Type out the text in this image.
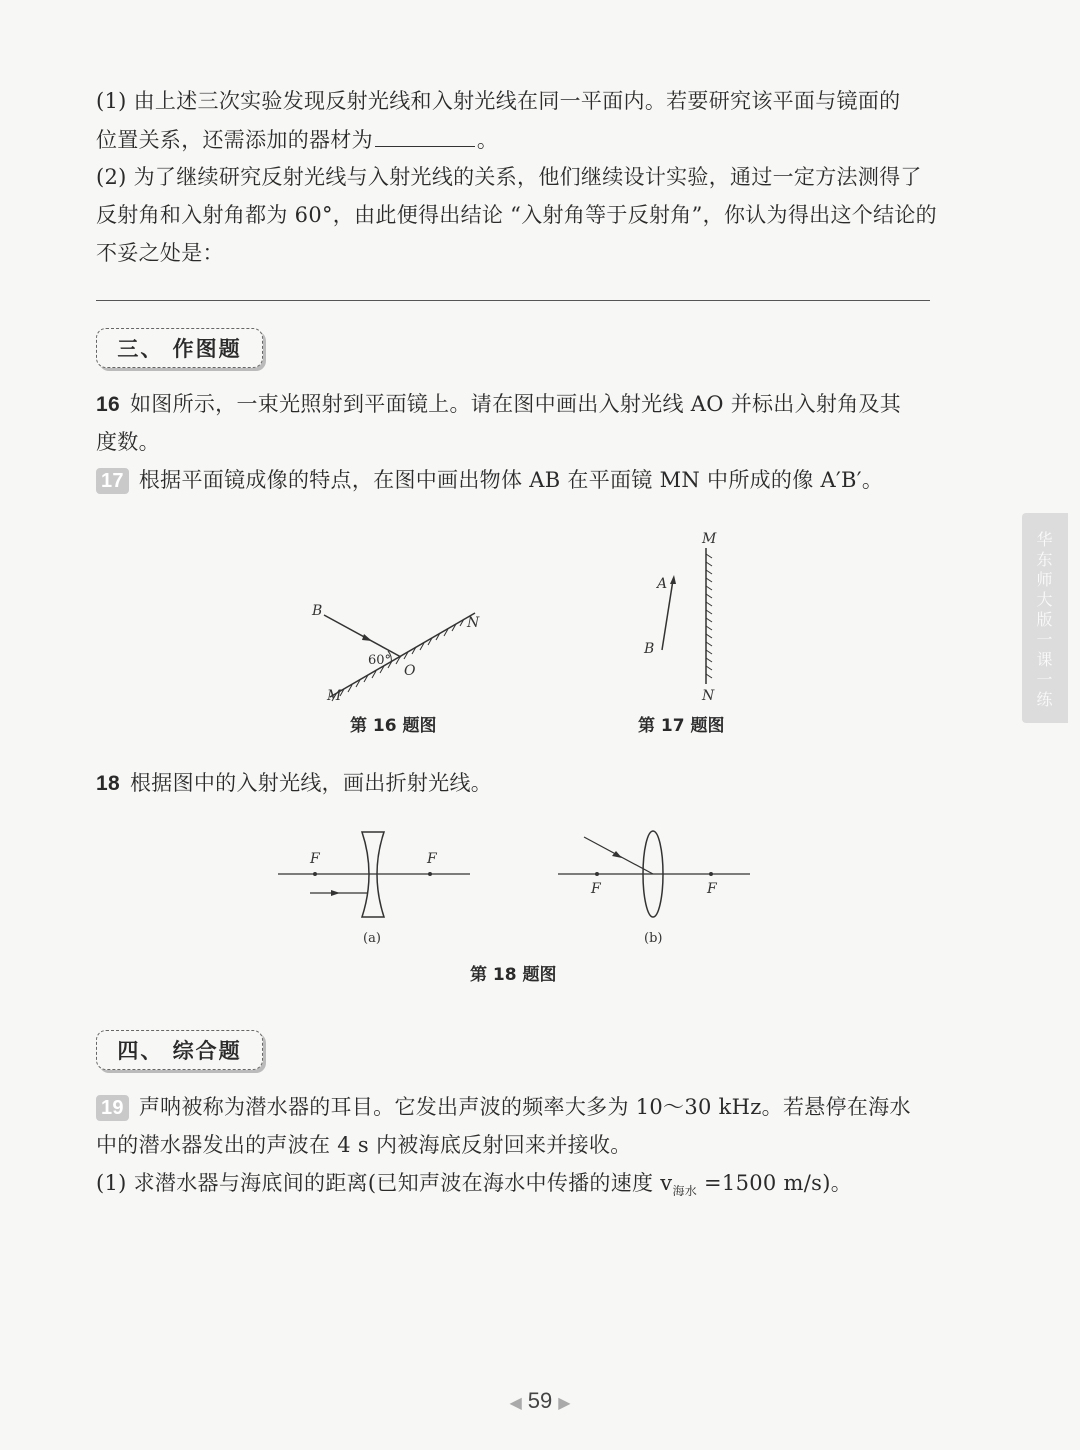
(1) 由上述三次实验发现反射光线和入射光线在同一平面内。若要研究该平面与镜面的
位置关系，还需添加的器材为	。
(2) 为了继续研究反射光线与入射光线的关系，他们继续设计实验，通过一定方法测得了
反射角和入射角都为 60°，由此便得出结论 “入射角等于反射角”，你认为得出这个结论的
不妥之处是：
三、 作图题
16 如图所示，一束光照射到平面镜上。请在图中画出入射光线 AO 并标出入射角及其
度数。
17 根据平面镜成像的特点，在图中画出物体 AB 在平面镜 MN 中所成的像 A′B′。
B
N
M
O
60°
第 16 题图
M
N
A
B
第 17 题图
18 根据图中的入射光线，画出折射光线。
F	F
(a)
F	F
(b)
第 18 题图
四、 综合题
19 声呐被称为潜水器的耳目。它发出声波的频率大多为 10～30 kHz。若悬停在海水
中的潜水器发出的声波在 4 s 内被海底反射回来并接收。
(1) 求潜水器与海底间的距离(已知声波在海水中传播的速度 $v_{海水} =1500$ m/s)。
华东师大版一课一练
◀ 59 ▶
